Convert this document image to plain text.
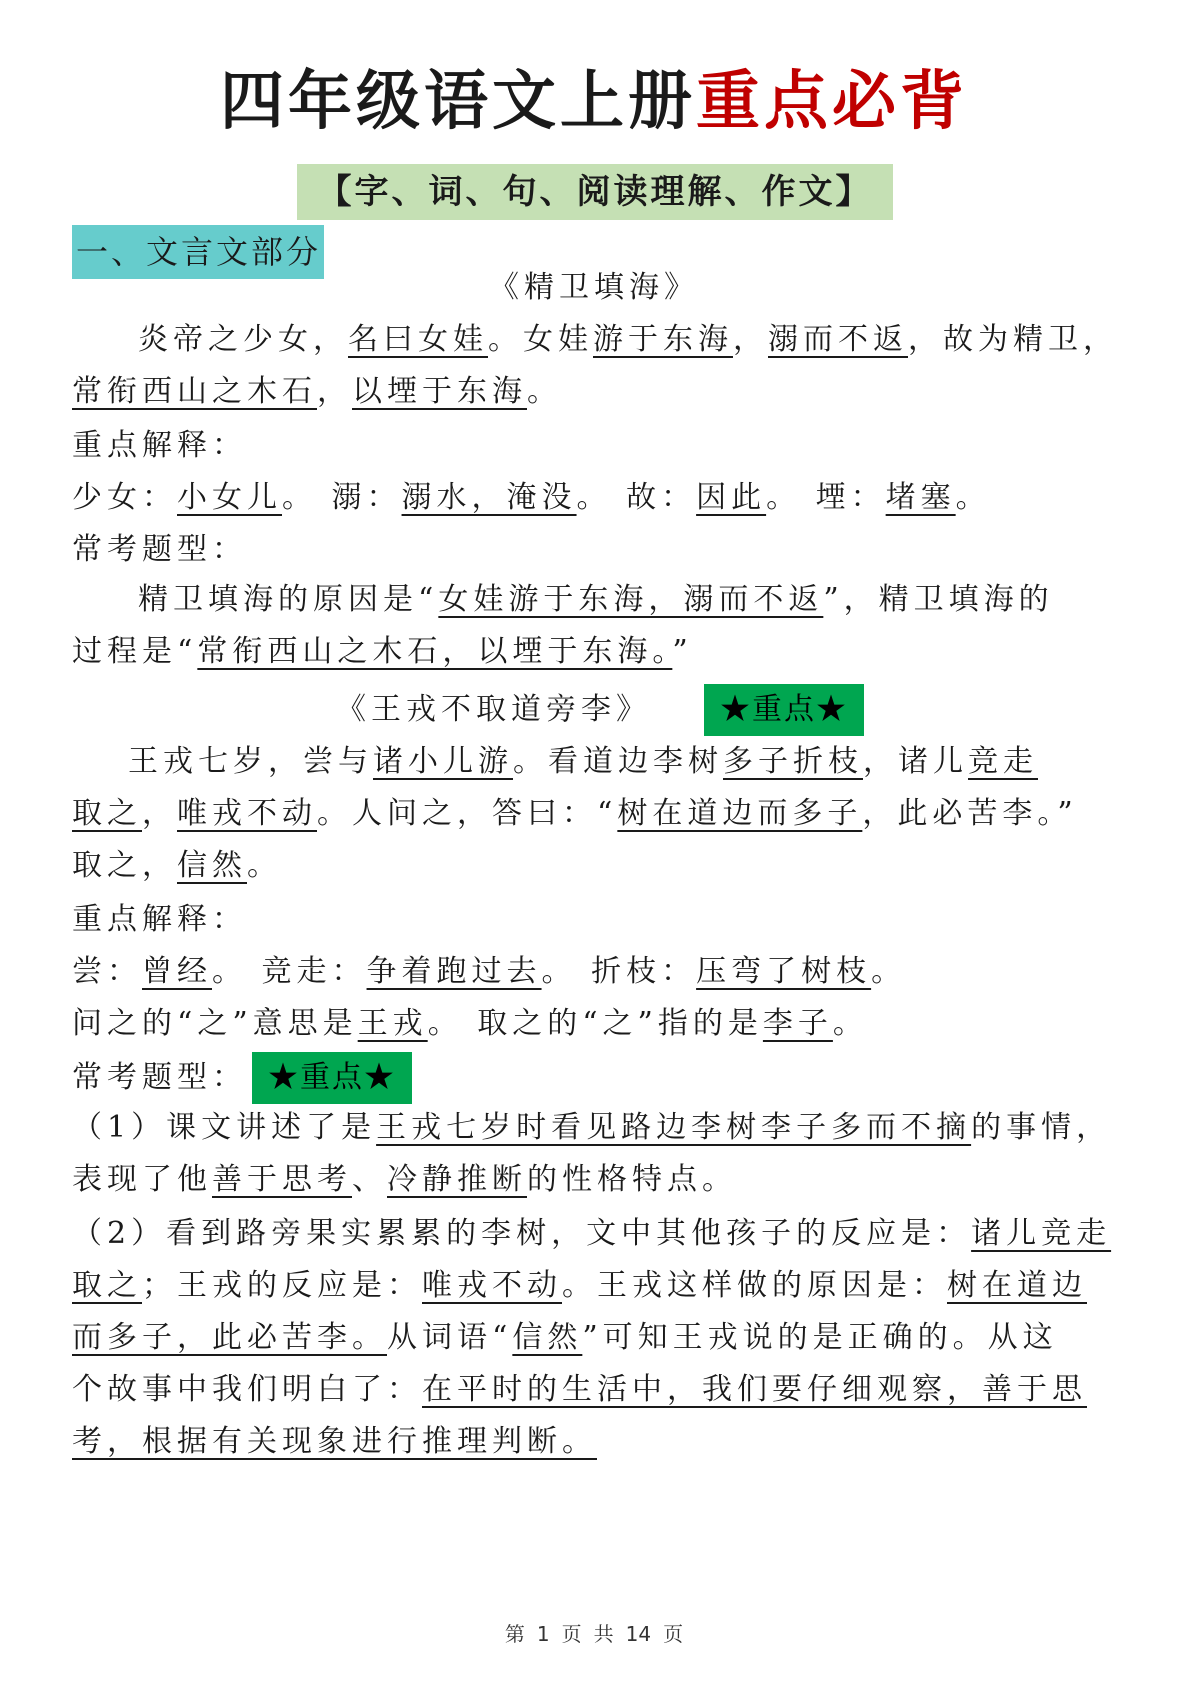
四年级语文上册重点必背
【字、词、句、阅读理解、作文】
一、文言文部分
《精卫填海》
炎帝之少女，名曰女娃。女娃游于东海，溺而不返，故为精卫，
常衔西山之木石，以堙于东海。
重点解释：
少女：小女儿。 溺：溺水，淹没。 故：因此。 堙：堵塞。
常考题型：
精卫填海的原因是“女娃游于东海，溺而不返”，精卫填海的
过程是“常衔西山之木石，以堙于东海。”
《王戎不取道旁李》	★重点★
王戎七岁，尝与诸小儿游。看道边李树多子折枝，诸儿竞走
取之，唯戎不动。人问之，答曰：“树在道边而多子，此必苦李。”
取之，信然。
重点解释：
尝：曾经。 竞走：争着跑过去。 折枝：压弯了树枝。
问之的“之”意思是王戎。 取之的“之”指的是李子。
常考题型： ★重点★
（1）课文讲述了是王戎七岁时看见路边李树李子多而不摘的事情，
表现了他善于思考、冷静推断的性格特点。
（2）看到路旁果实累累的李树，文中其他孩子的反应是：诸儿竞走
取之；王戎的反应是：唯戎不动。王戎这样做的原因是：树在道边
而多子，此必苦李。从词语“信然”可知王戎说的是正确的。从这
个故事中我们明白了：在平时的生活中，我们要仔细观察，善于思
考，根据有关现象进行推理判断。
第 1 页 共 14 页
